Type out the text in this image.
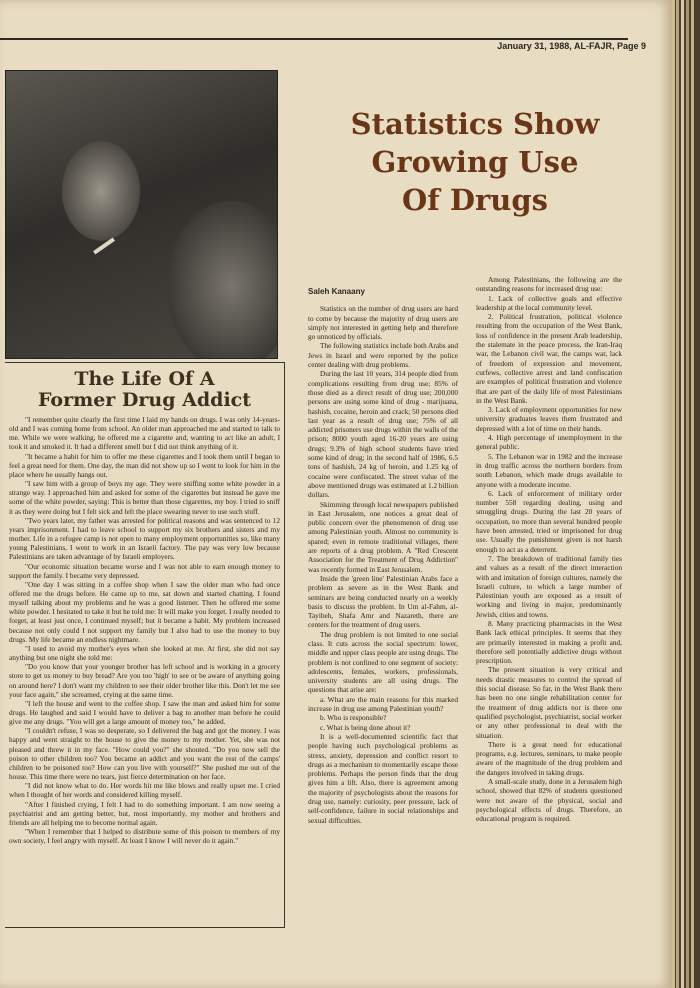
January 31, 1988, AL-FAJR, Page 9
Statistics Show
Growing Use
Of Drugs
The Life Of A
Former Drug Addict

"I remember quite clearly the first time I laid my hands on drugs. I was only 14-years-old and I was coming home from school. An older man approached me and started to talk to me. While we were walking, he offered me a cigarette and, wanting to act like an adult, I took it and smoked it. It had a different smell but I did not think anything of it.

"It became a habit for him to offer me these cigarettes and I took them until I began to feel a great need for them. One day, the man did not show up so I went to look for him in the place where he usually hangs out.

"I saw him with a group of boys my age. They were sniffing some white powder in a strange way. I approached him and asked for some of the cigarettes but instead he gave me some of the white powder, saying: This is better than those cigarettes, my boy. I tried to sniff it as they were doing but I felt sick and left the place swearing never to use such stuff.

"Two years later, my father was arrested for political reasons and was sentenced to 12 years imprisonment. I had to leave school to support my six brothers and sisters and my mother. Life in a refugee camp is not open to many employment opportunities so, like many young Palestinians, I went to work in an Israeli factory. The pay was very low because Palestinians are taken advantage of by Israeli employers.

"Our economic situation became worse and I was not able to earn enough money to support the family. I became very depressed.

"One day I was sitting in a coffee shop when I saw the older man who had once offered me the drugs before. He came up to me, sat down and started chatting. I found myself talking about my problems and he was a good listener. Then he offered me some white powder. I hesitated to take it but he told me: It will make you forget. I really needed to forget, at least just once, I continued myself; but it became a habit. My problem increased because not only could I not support my family but I also had to use the money to buy drugs. My life became an endless nightmare.

"I used to avoid my mother's eyes when she looked at me. At first, she did not say anything but one night she told me:

"Do you know that your younger brother has left school and is working in a grocery store to get us money to buy bread? Are you too 'high' to see or be aware of anything going on around here? I don't want my children to see their older brother like this. Don't let me see your face again," she screamed, crying at the same time.

"I left the house and went to the coffee shop. I saw the man and asked him for some drugs. He laughed and said I would have to deliver a bag to another man before he could give me any drugs. "You will get a large amount of money too," he added.

"I couldn't refuse, I was so desperate, so I delivered the bag and got the money. I was happy and went straight to the house to give the money to my mother. Yet, she was not pleased and threw it in my face. "How could you?" she shouted. "Do you now sell the poison to other children too? You became an addict and you want the rest of the camps' children to be poisoned too? How can you live with yourself?" She pushed me out of the house. This time there were no tears, just fierce determination on her face.

"I did not know what to do. Her words hit me like blows and really upset me. I cried when I thought of her words and considered killing myself.

"After I finished crying, I felt I had to do something important. I am now seeing a psychiatrist and am getting better, but, most importantly, my mother and brothers and friends are all helping me to become normal again.

"When I remember that I helped to distribute some of this poison to members of my own society, I feel angry with myself. At least I know I will never do it again."

Saleh Kanaany

Statistics on the number of drug users are hard to come by because the majority of drug users are simply not interested in getting help and therefore go unnoticed by officials.

The following statistics include both Arabs and Jews in Israel and were reported by the police center dealing with drug problems.

During the last 10 years, 314 people died from complications resulting from drug use; 85% of those died as a direct result of drug use; 200,000 persons are using some kind of drug - marijuana, hashish, cocaine, heroin and crack; 50 persons died last year as a result of drug use; 75% of all addicted prisoners use drugs within the walls of the prison; 8000 youth aged 16-20 years are using drugs; 9.3% of high school students have tried some kind of drug; in the second half of 1986, 6.5 tons of hashish, 24 kg of heroin, and 1.25 kg of cocaine were confiscated. The street value of the above mentioned drugs was estimated at 1.2 billion dollars.

Skimming through local newspapers published in East Jerusalem, one notices a great deal of public concern over the phenomenon of drug use among Palestinian youth. Almost no community is spared; even in remote traditional villages, there are reports of a drug problem. A "Red Crescent Association for the Treatment of Drug Addiction" was recently formed in East Jerusalem.

Inside the 'green line' Palestinian Arabs face a problem as severe as in the West Bank and seminars are being conducted nearly on a weekly basis to discuss the problem. In Um al-Fahm, al-Tayibeh, Shafa Amr and Nazareth, there are centers for the treatment of drug users.

The drug problem is not limited to one social class. It cuts across the social spectrum: lower, middle and upper class people are using drugs. The problem is not confined to one segment of society: adolescents, females, workers, professionals, university students are all using drugs. The questions that arise are:

a. What are the main reasons for this marked increase in drug use among Palestinian youth?

b. Who is responsible?

c. What is being done about it?

It is a well-documented scientific fact that people having such psychological problems as stress, anxiety, depression and conflict resort to drugs as a mechanism to momentarily escape those problems. Perhaps the person finds that the drug gives him a lift. Also, there is agreement among the majority of psychologists about the reasons for drug use, namely: curiosity, peer pressure, lack of self-confidence, failure in social relationships and sexual difficulties.

Among Palestinians, the following are the outstanding reasons for increased drug use:

1. Lack of collective goals and effective leadership at the local community level.

2. Political frustration, political violence resulting from the occupation of the West Bank, loss of confidence in the present Arab leadership, the stalemate in the peace process, the Iran-Iraq war, the Lebanon civil war, the camps war, lack of freedom of expression and movement, curfews, collective arrest and land confiscation are examples of political frustration and violence that are part of the daily life of most Palestinians in the West Bank.

3. Lack of employment opportunities for new university graduates leaves them frustrated and depressed with a lot of time on their hands.

4. High percentage of unemployment in the general public.

5. The Lebanon war in 1982 and the increase in drug traffic across the northern borders from south Lebanon, which made drugs available to anyone with a moderate income.

6. Lack of enforcement of military order number 558 regarding dealing, using and smuggling drugs. During the last 20 years of occupation, no more than several hundred people have been arrested, tried or imprisoned for drug use. Usually the punishment given is not harsh enough to act as a deterrent.

7. The breakdown of traditional family ties and values as a result of the direct interaction with and imitation of foreign cultures, namely the Israeli culture, to which a large number of Palestinian youth are exposed as a result of working and living in major, predominantly Jewish, cities and towns.

8. Many practicing pharmacists in the West Bank lack ethical principles. It seems that they are primarily interested in making a profit and, therefore sell potentially addictive drugs without prescription.

The present situation is very critical and needs drastic measures to control the spread of this social disease. So far, in the West Bank there has been no one single rehabilitation center for the treatment of drug addicts nor is there one qualified psychologist, psychiatrist, social worker or any other professional to deal with the situation.

There is a great need for educational programs, e.g. lectures, seminars, to make people aware of the magnitude of the drug problem and the dangers involved in taking drugs.

A small-scale study, done in a Jerusalem high school, showed that 82% of students questioned were not aware of the physical, social and psychological effects of drugs. Therefore, an educational program is required.
